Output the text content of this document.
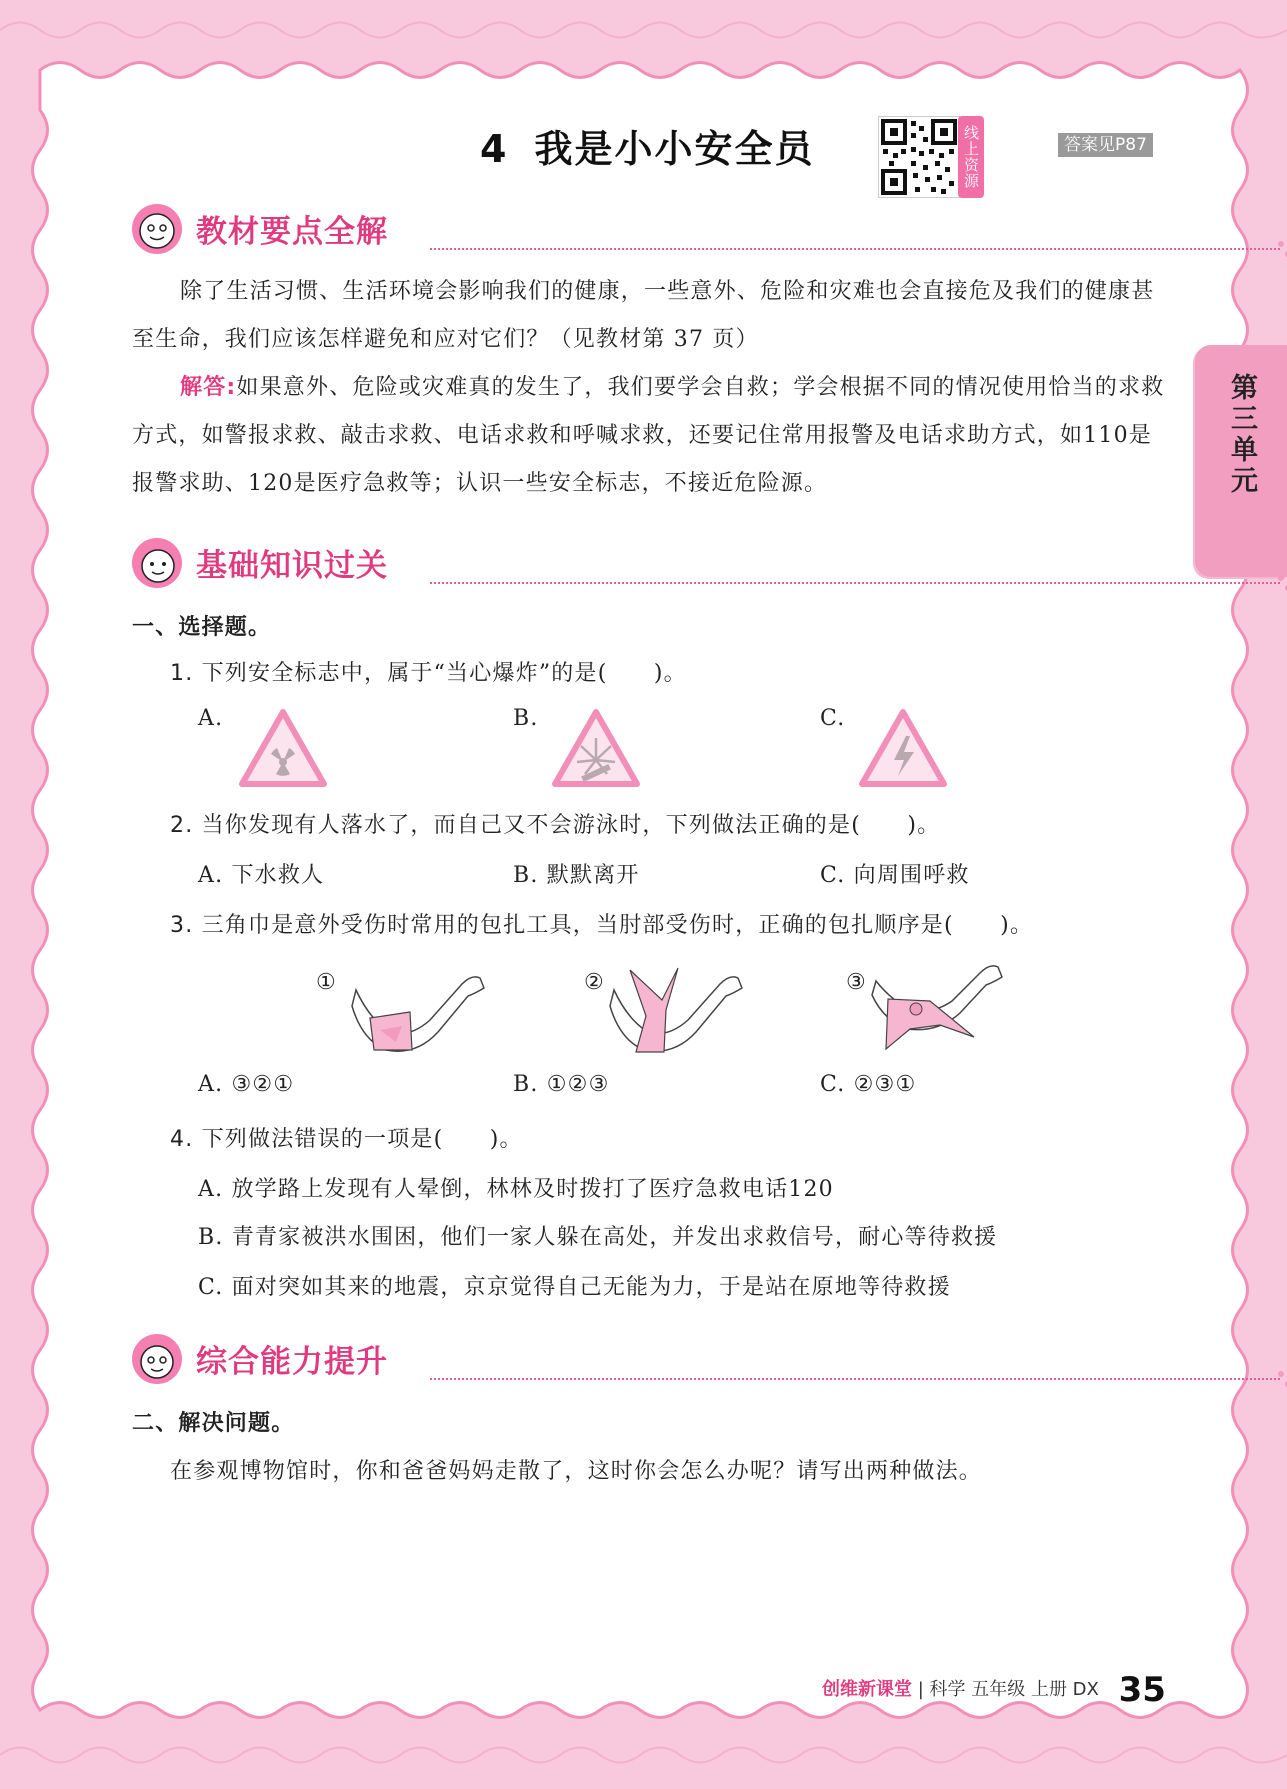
4 我是小小安全员	线上资源	答案见P87
第三单元
教材要点全解
除了生活习惯、生活环境会影响我们的健康，一些意外、危险和灾难也会直接危及我们的健康甚至生命，我们应该怎样避免和应对它们？（见教材第 37 页）
解答:如果意外、危险或灾难真的发生了，我们要学会自救；学会根据不同的情况使用恰当的求救方式，如警报求救、敲击求救、电话求救和呼喊求救，还要记住常用报警及电话求助方式，如110是报警求助、120是医疗急救等；认识一些安全标志，不接近危险源。
基础知识过关
一、选择题。
1. 下列安全标志中，属于“当心爆炸”的是(　　)。
A.	B.	C.
2. 当你发现有人落水了，而自己又不会游泳时，下列做法正确的是(　　)。
A. 下水救人	B. 默默离开	C. 向周围呼救
3. 三角巾是意外受伤时常用的包扎工具，当肘部受伤时，正确的包扎顺序是(　　)。
①	②	③
A. ③②①	B. ①②③	C. ②③①
4. 下列做法错误的一项是(　　)。
A. 放学路上发现有人晕倒，林林及时拨打了医疗急救电话120
B. 青青家被洪水围困，他们一家人躲在高处，并发出求救信号，耐心等待救援
C. 面对突如其来的地震，京京觉得自己无能为力，于是站在原地等待救援
综合能力提升
二、解决问题。
在参观博物馆时，你和爸爸妈妈走散了，这时你会怎么办呢？请写出两种做法。
创维新课堂 | 科学 五年级 上册 DX 35
